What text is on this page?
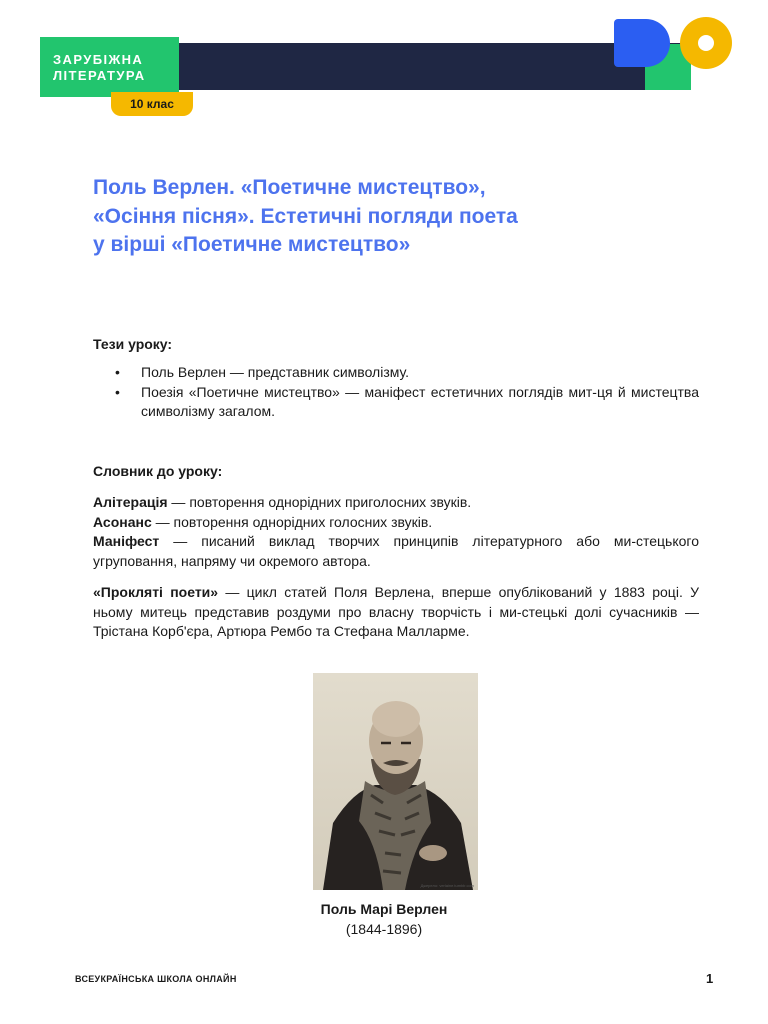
ЗАРУБІЖНА
ЛІТЕРАТУРА
10 клас
Поль Верлен. «Поетичне мистецтво»,
«Осіння пісня». Естетичні погляди поета
у вірші «Поетичне мистецтво»

Тези уроку:

• Поль Верлен — представник символізму.
• Поезія «Поетичне мистецтво» — маніфест естетичних поглядів мит-ця й мистецтва символізму загалом.

Словник до уроку:

Алітерація — повторення однорідних приголосних звуків.
Асонанс — повторення однорідних голосних звуків.
Маніфест — писаний виклад творчих принципів літературного або ми-стецького угруповання, напряму чи окремого автора.
«Прокляті поети» — цикл статей Поля Верлена, вперше опублікований у 1883 році. У ньому митець представив роздуми про власну творчість і ми-стецькі долі сучасників — Трістана Корб'єра, Артюра Рембо та Стефана Малларме.
Джерело: verlaine.tumblr.com
Поль Марі Верлен
(1844-1896)
ВСЕУКРАЇНСЬКА ШКОЛА ОНЛАЙН	1
